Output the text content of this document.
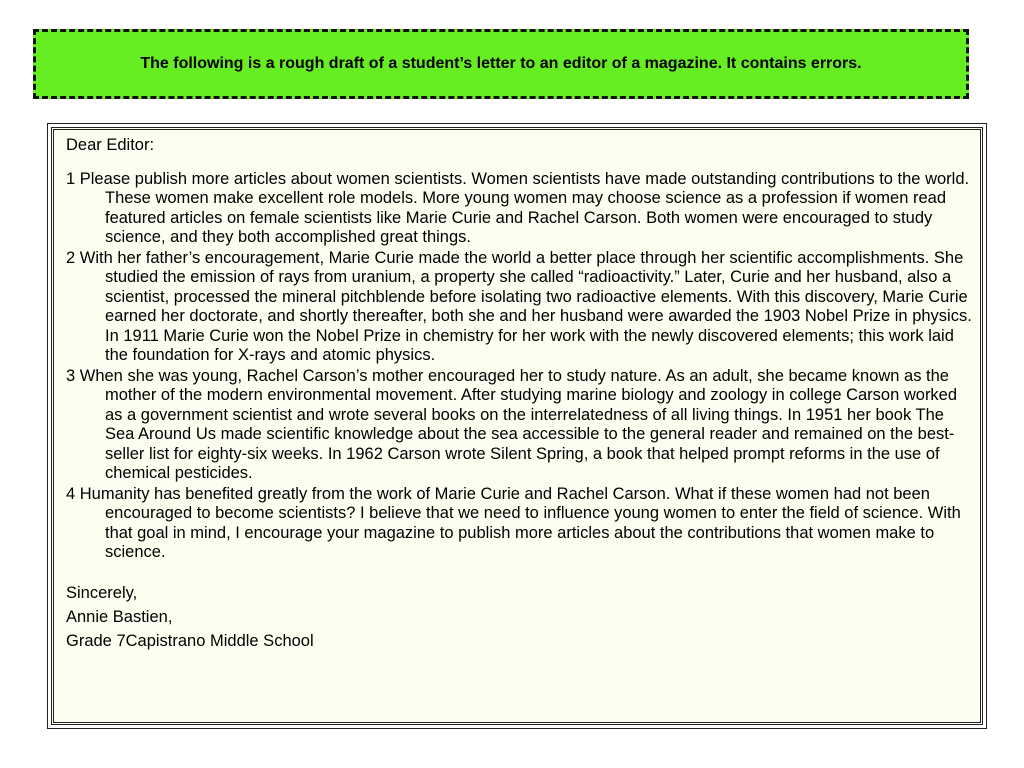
The following is a rough draft of a student’s letter to an editor of a magazine. It contains errors.

Dear Editor:

1 Please publish more articles about women scientists. Women scientists have made outstanding contributions to the world. These women make excellent role models. More young women may choose science as a profession if women read featured articles on female scientists like Marie Curie and Rachel Carson. Both women were encouraged to study science, and they both accomplished great things.

2 With her father’s encouragement, Marie Curie made the world a better place through her scientific accomplishments. She studied the emission of rays from uranium, a property she called “radioactivity.” Later, Curie and her husband, also a scientist, processed the mineral pitchblende before isolating two radioactive elements. With this discovery, Marie Curie earned her doctorate, and shortly thereafter, both she and her husband were awarded the 1903 Nobel Prize in physics. In 1911 Marie Curie won the Nobel Prize in chemistry for her work with the newly discovered elements; this work laid the foundation for X-rays and atomic physics.

3 When she was young, Rachel Carson’s mother encouraged her to study nature. As an adult, she became known as the mother of the modern environmental movement. After studying marine biology and zoology in college Carson worked as a government scientist and wrote several books on the interrelatedness of all living things. In 1951 her book The Sea Around Us made scientific knowledge about the sea accessible to the general reader and remained on the best-seller list for eighty-six weeks. In 1962 Carson wrote Silent Spring, a book that helped prompt reforms in the use of chemical pesticides.

4 Humanity has benefited greatly from the work of Marie Curie and Rachel Carson. What if these women had not been encouraged to become scientists? I believe that we need to influence young women to enter the field of science. With that goal in mind, I encourage your magazine to publish more articles about the contributions that women make to science.

Sincerely,
Annie Bastien,
Grade 7Capistrano Middle School
